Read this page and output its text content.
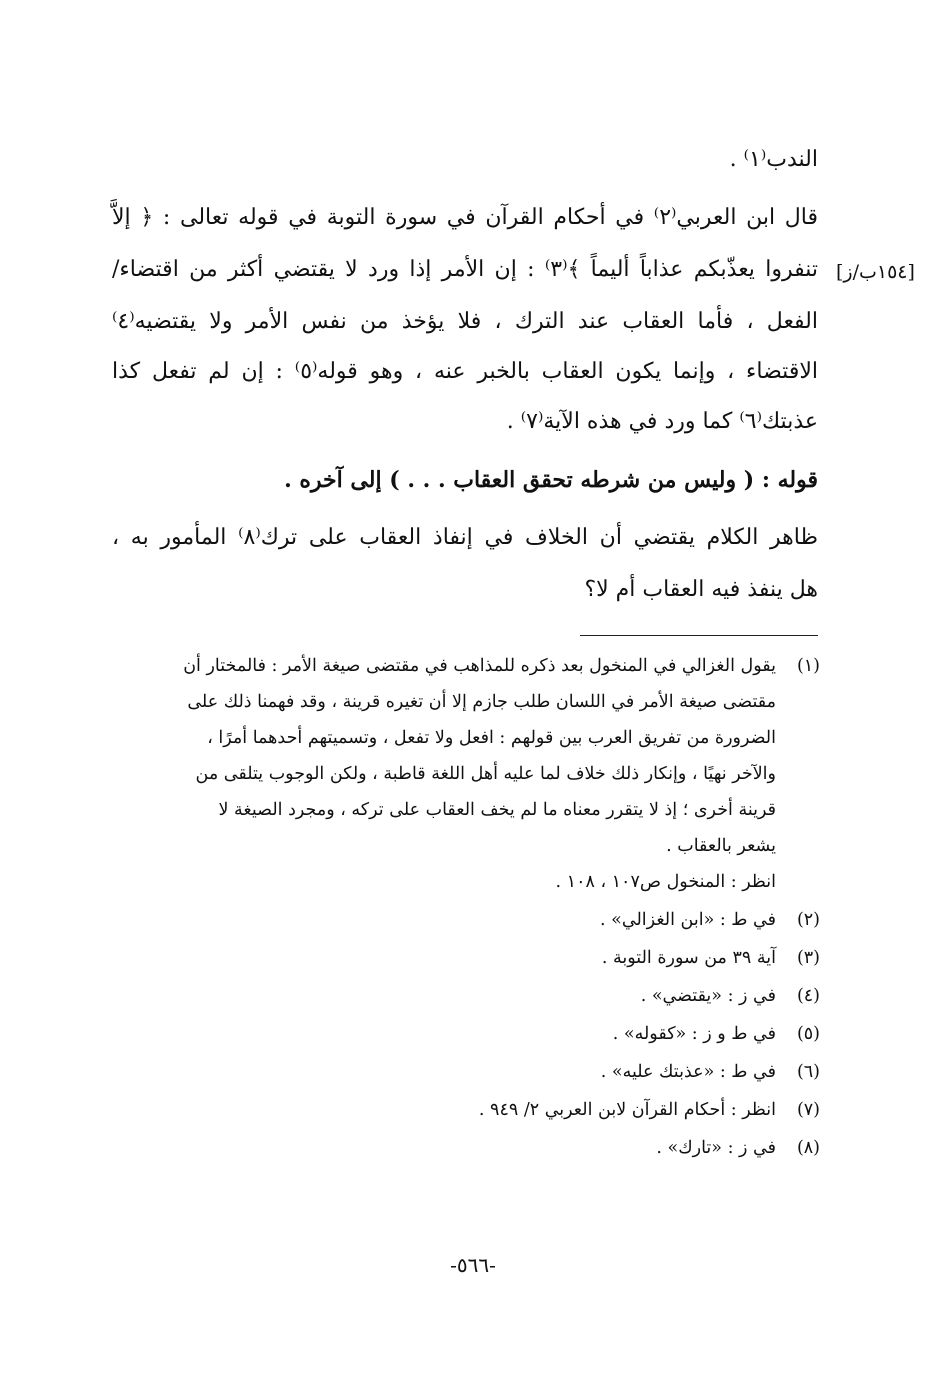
الندب⁽١⁾ .
قال ابن العربي⁽٢⁾ في أحكام القرآن في سورة التوبة في قوله تعالى : ﴿ إلاَّ
تنفروا يعذّبكم عذاباً أليماً ﴾⁽٣⁾ : إن الأمر إذا ورد لا يقتضي أكثر من اقتضاء/
الفعل ، فأما العقاب عند الترك ، فلا يؤخذ من نفس الأمر ولا يقتضيه⁽٤⁾
الاقتضاء ، وإنما يكون العقاب بالخبر عنه ، وهو قوله⁽٥⁾ : إن لم تفعل كذا
عذبتك⁽٦⁾ كما ورد في هذه الآية⁽٧⁾ .
قوله : ( وليس من شرطه تحقق العقاب . . . ) إلى آخره .
ظاهر الكلام يقتضي أن الخلاف في إنفاذ العقاب على ترك⁽٨⁾ المأمور به ،
هل ينفذ فيه العقاب أم لا؟
[١٥٤ب/ز]
(١)
يقول الغزالي في المنخول بعد ذكره للمذاهب في مقتضى صيغة الأمر : فالمختار أن
مقتضى صيغة الأمر في اللسان طلب جازم إلا أن تغيره قرينة ، وقد فهمنا ذلك على
الضرورة من تفريق العرب بين قولهم : افعل ولا تفعل ، وتسميتهم أحدهما أمرًا ،
والآخر نهيًا ، وإنكار ذلك خلاف لما عليه أهل اللغة قاطبة ، ولكن الوجوب يتلقى من
قرينة أخرى ؛ إذ لا يتقرر معناه ما لم يخف العقاب على تركه ، ومجرد الصيغة لا
يشعر بالعقاب .
انظر : المنخول ص١٠٧ ، ١٠٨ .
(٢)
في ط : «ابن الغزالي» .
(٣)
آية ٣٩ من سورة التوبة .
(٤)
في ز : «يقتضي» .
(٥)
في ط و ز : «كقوله» .
(٦)
في ط : «عذبتك عليه» .
(٧)
انظر : أحكام القرآن لابن العربي ٢/ ٩٤٩ .
(٨)
في ز : «تارك» .
-٥٦٦-
